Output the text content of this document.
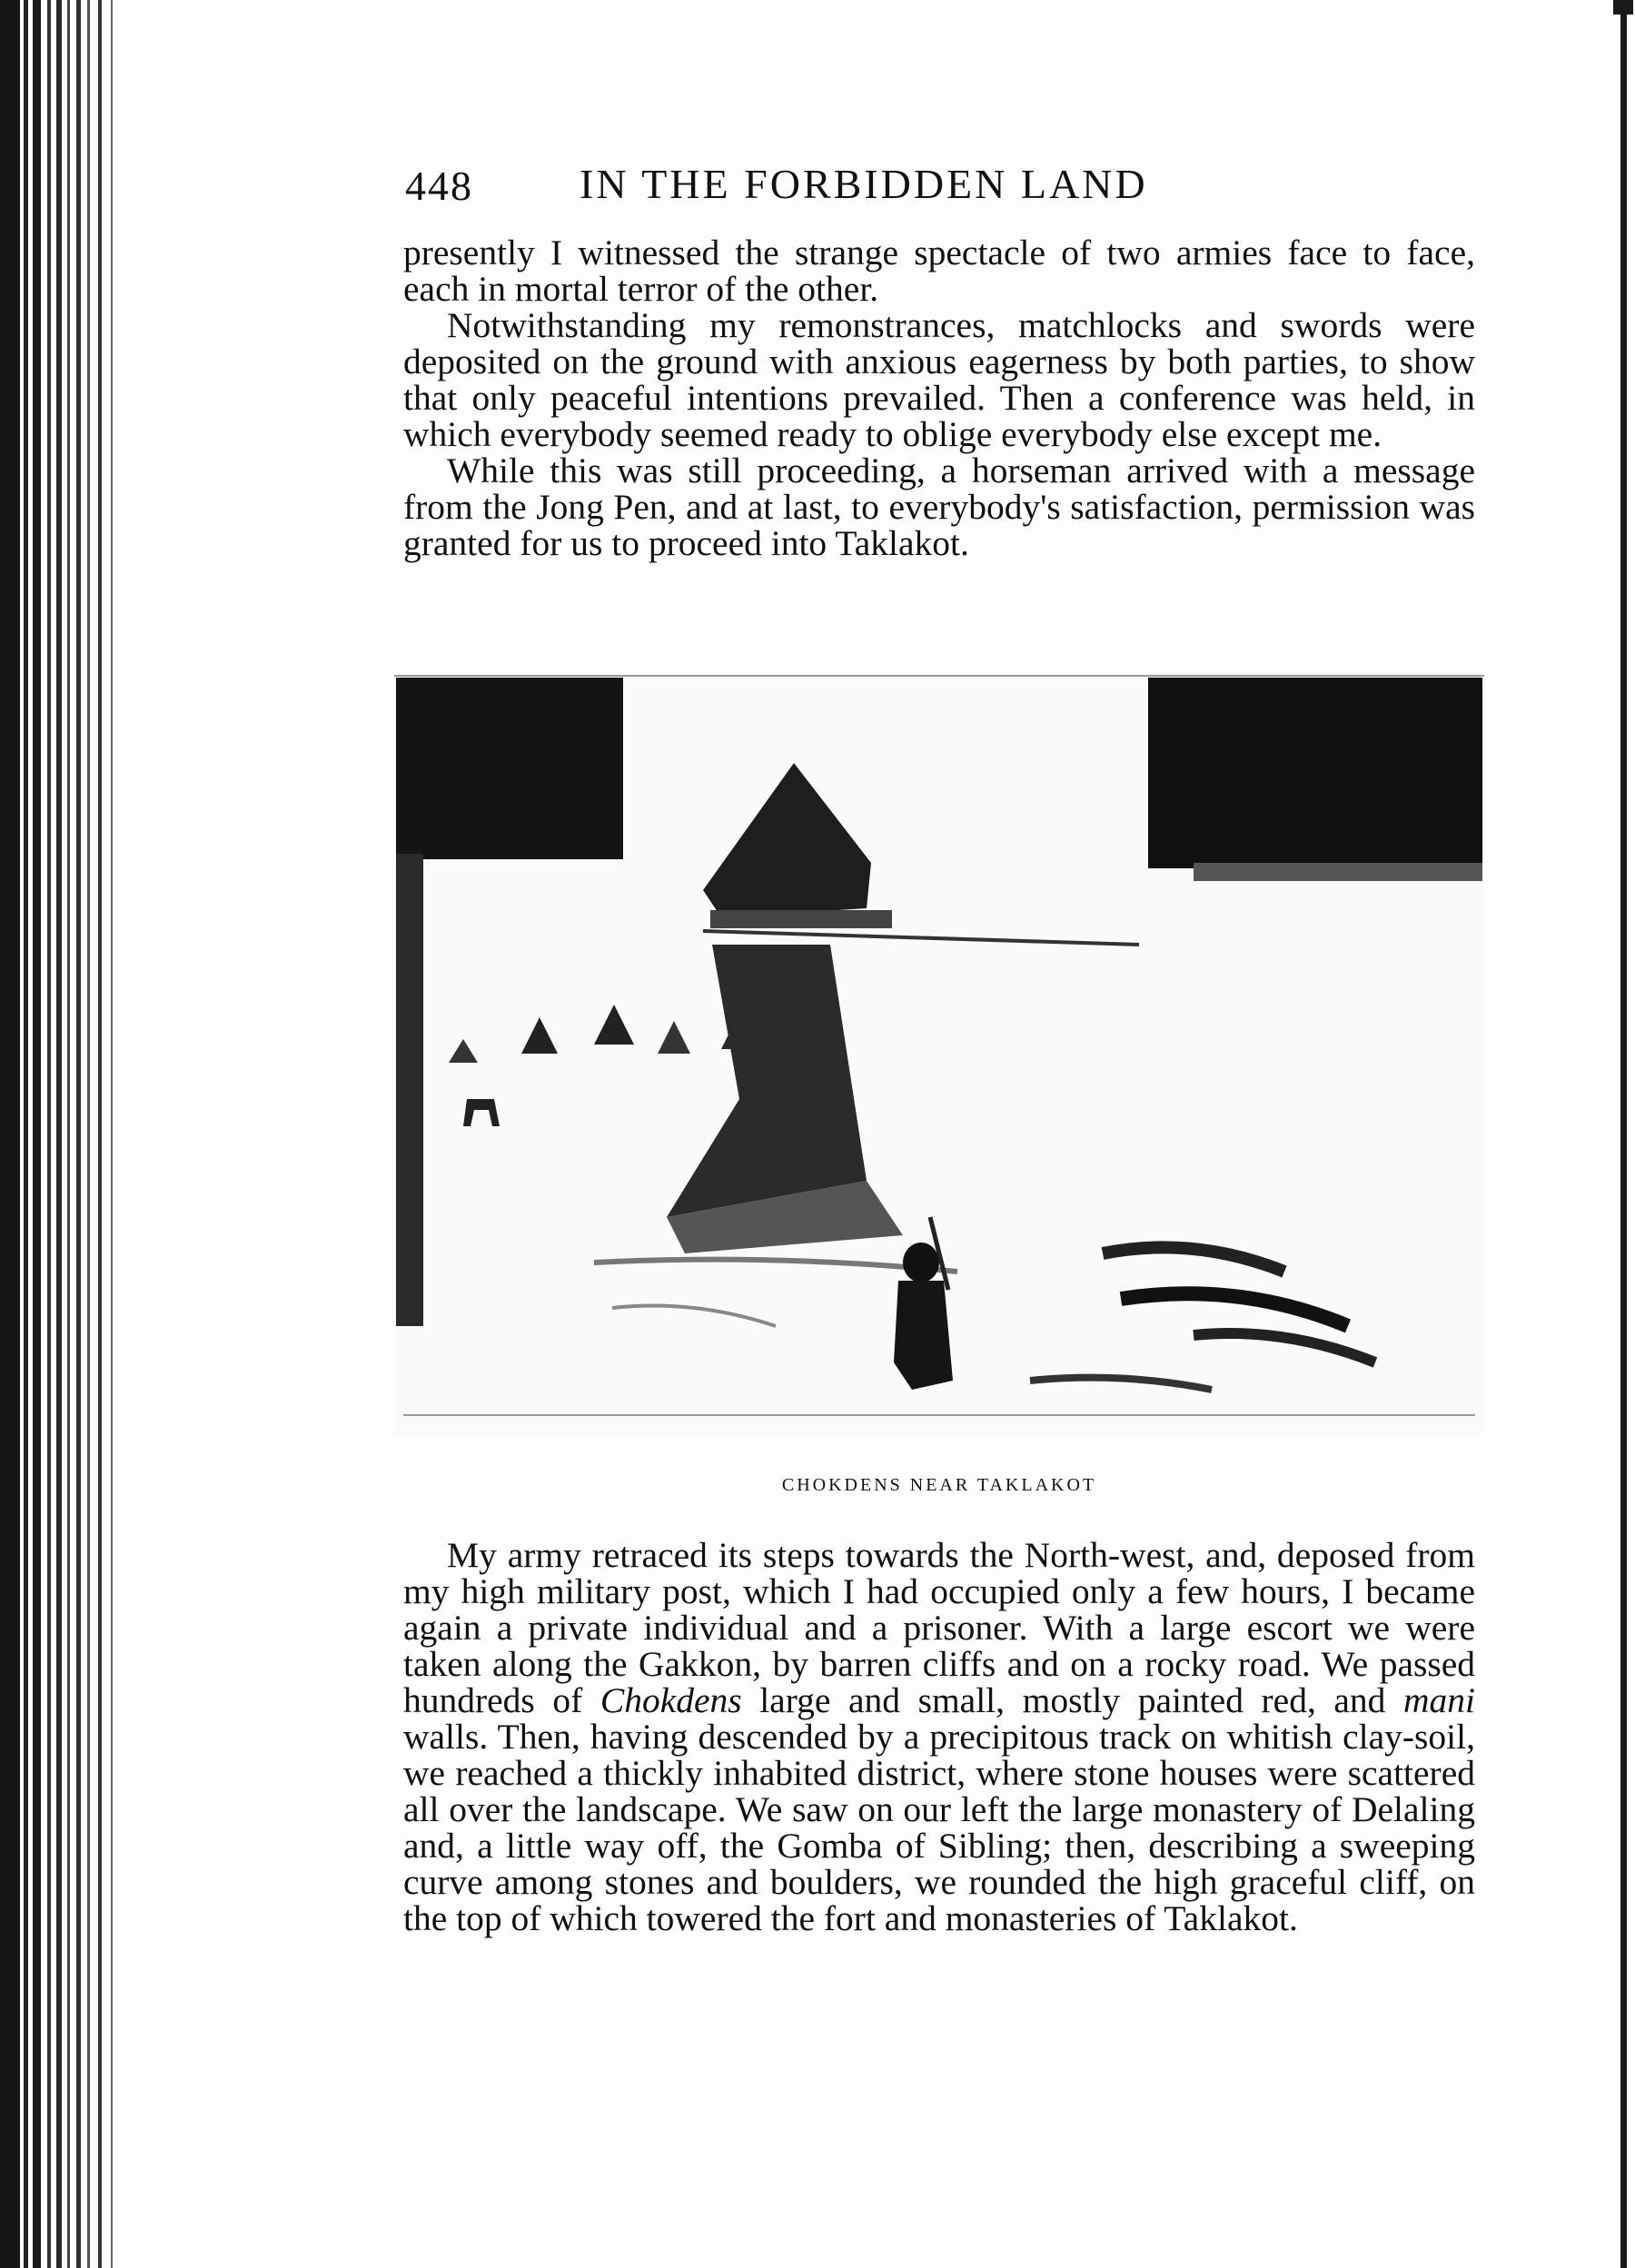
448	IN THE FORBIDDEN LAND

presently I witnessed the strange spectacle of two armies face to face, each in mortal terror of the other.

Notwithstanding my remonstrances, matchlocks and swords were deposited on the ground with anxious eagerness by both parties, to show that only peaceful intentions prevailed. Then a conference was held, in which everybody seemed ready to oblige everybody else except me.

While this was still proceeding, a horseman arrived with a message from the Jong Pen, and at last, to everybody's satisfaction, permission was granted for us to proceed into Taklakot.

CHOKDENS NEAR TAKLAKOT

My army retraced its steps towards the North-west, and, deposed from my high military post, which I had occupied only a few hours, I became again a private individual and a prisoner. With a large escort we were taken along the Gakkon, by barren cliffs and on a rocky road. We passed hundreds of Chokdens large and small, mostly painted red, and mani walls. Then, having descended by a precipitous track on whitish clay-soil, we reached a thickly inhabited district, where stone houses were scattered all over the landscape. We saw on our left the large monastery of Delaling and, a little way off, the Gomba of Sibling; then, describing a sweeping curve among stones and boulders, we rounded the high graceful cliff, on the top of which towered the fort and monasteries of Taklakot.
